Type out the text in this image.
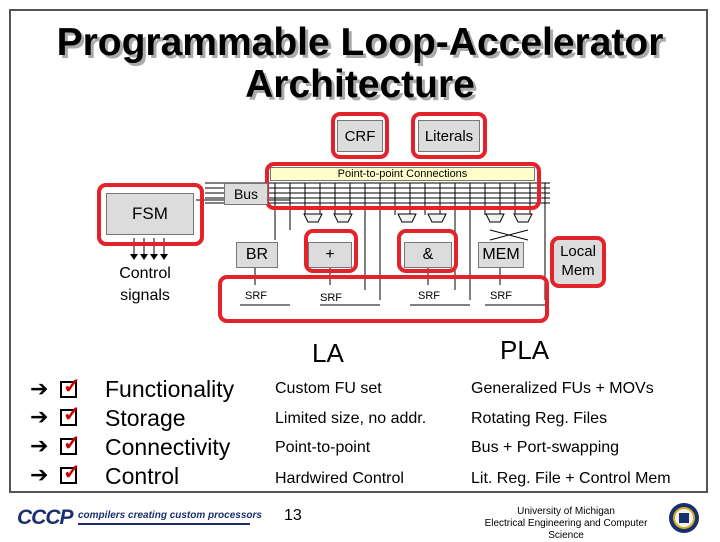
Programmable Loop-Accelerator
Architecture
CRF	Literals
Point-to-point Connections
Bus
FSM
Control
signals
BR	+	&	MEM	Local
Mem
SRF	SRF	SRF	SRF
LA	PLA
➔ ✓ Functionality	Custom FU set	Generalized FUs + MOVs
➔ ✓ Storage	Limited size, no addr.	Rotating Reg. Files
➔ ✓ Connectivity	Point-to-point	Bus + Port-swapping
➔ ✓ Control	Hardwired Control	Lit. Reg. File + Control Mem
CCCP compilers creating custom processors 13	University of Michigan
Electrical Engineering and Computer Science
